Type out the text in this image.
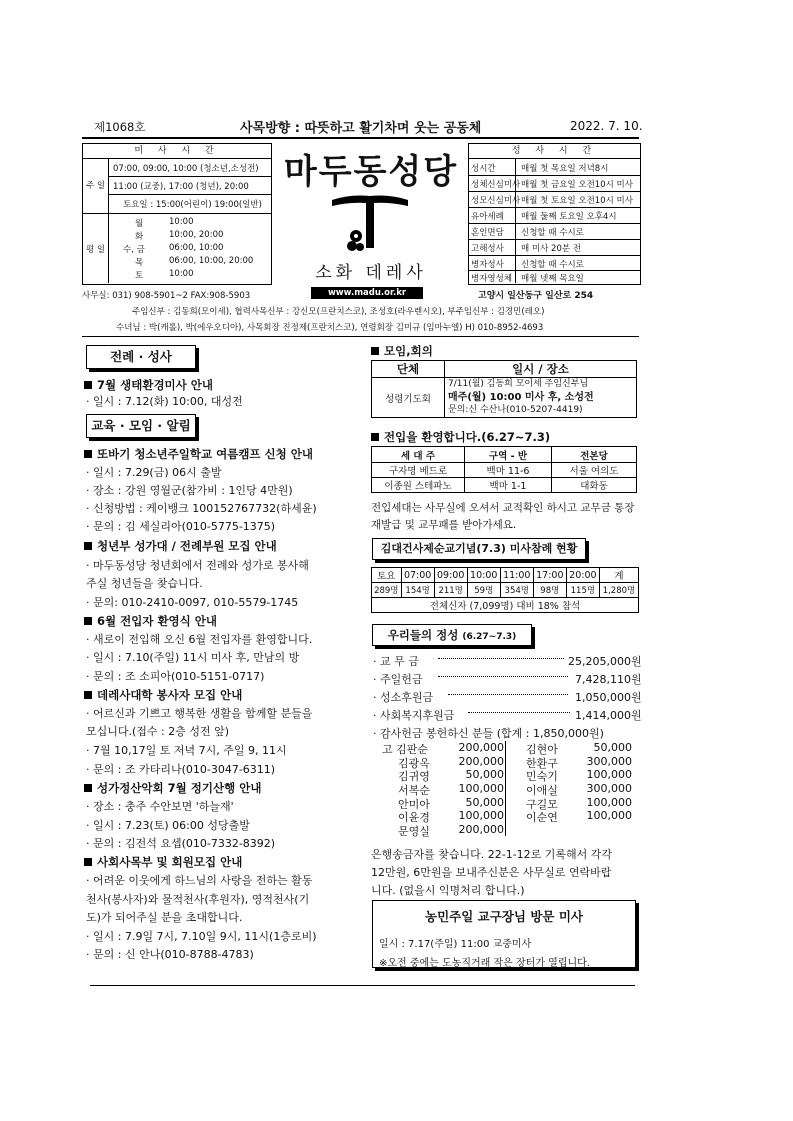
제1068호	사목방향 : 따뜻하고 활기차며 웃는 공동체	2022. 7. 10.
미 사 시 간
주 일
07:00, 09:00, 10:00 (청소년,소성전)
11:00 (교중), 17:00 (청년), 20:00
토요일 : 15:00(어린이) 19:00(일반)
평 일
월	10:00
화	10:00, 20:00
수, 금	06:00, 10:00
목	06:00, 10:00, 20:00
토	10:00
마두동성당
소화 데레사
www.madu.or.kr	고양시 일산동구 일산로 254
사무실: 031) 908-5901~2 FAX:908-5903
성 사 시 간
성시간	매월 첫 목요일 저녁8시
성체신심미사 매월 첫 금요일 오전10시 미사
성모신심미사 매월 첫 토요일 오전10시 미사
유아세례 매월 둘째 토요일 오후4시
혼인면담 신청할 때 수시로
고해성사 매 미사 20분 전
병자성사 신청할 때 수시로
병자영성체 매월 넷째 목요일
주임신부 : 김동희(모이세), 협력사목신부 : 강신모(프란치스코), 조성호(라우렌시오), 부주임신부 : 김경민(레오)
수녀님 : 박(캐롤), 박(에우오디아), 사목회장 진정제(프란치스코), 연령회장 김미규 (임마누엘) H) 010-8952-4693
전례 · 성사
7월 생태환경미사 안내
· 일시 : 7.12(화) 10:00, 대성전
교육 · 모임 · 알림
또바기 청소년주일학교 여름캠프 신청 안내
· 일시 : 7.29(금) 06시 출발
· 장소 : 강원 영월군(참가비 : 1인당 4만원)
· 신청방법 : 케이뱅크 100152767732(하세윤)
· 문의 : 김 세실리아(010-5775-1375)
청년부 성가대 / 전례부원 모집 안내
· 마두동성당 청년회에서 전례와 성가로 봉사해
주실 청년들을 찾습니다.
· 문의: 010-2410-0097, 010-5579-1745
6월 전입자 환영식 안내
· 새로이 전입해 오신 6월 전입자를 환영합니다.
· 일시 : 7.10(주일) 11시 미사 후, 만남의 방
· 문의 : 조 소피아(010-5151-0717)
데레사대학 봉사자 모집 안내
· 어르신과 기쁘고 행복한 생활을 함께할 분들을
모십니다.(접수 : 2층 성전 앞)
· 7월 10,17일 토 저녁 7시, 주일 9, 11시
· 문의 : 조 카타리나(010-3047-6311)
성가정산악회 7월 정기산행 안내
· 장소 : 충주 수안보면 '하늘재'
· 일시 : 7.23(토) 06:00 성당출발
· 문의 : 김전석 요셉(010-7332-8392)
사회사목부 및 회원모집 안내
· 어려운 이웃에게 하느님의 사랑을 전하는 활동
천사(봉사자)와 물적천사(후원자), 영적천사(기
도)가 되어주실 분을 초대합니다.
· 일시 : 7.9일 7시, 7.10일 9시, 11시(1층로비)
· 문의 : 신 안나(010-8788-4783)
모임,회의
단체	일시 / 장소
성령기도회	7/11(월) 김동희 모이세 주임신부님
매주(월) 10:00 미사 후, 소성전
문의:신 수산나(010-5207-4419)
전입을 환영합니다.(6.27~7.3)
세 대 주	구역 - 반	전본당
구자명 베드로	백마 11-6	서울 여의도
이종원 스테파노	백마 1-1	대화동
전입세대는 사무실에 오셔서 교적확인 하시고 교무금 통장
재발급 및 교무패를 받아가세요.
김대건사제순교기념(7.3) 미사참례 현황
토요	07:00	09:00	10:00	11:00	17:00	20:00	계
289명	154명	211명	59명	354명	98명	115명	1,280명
전체신자 (7,099명) 대비 18% 참석							
우리들의 정성 (6.27~7.3)
· 교 무 금	25,205,000원
· 주일헌금	7,428,110원
· 성소후원금	1,050,000원
· 사회복지후원금	1,414,000원
· 감사헌금 봉헌하신 분들 (합계 : 1,850,000원)
고 김판순	200,000
김광옥	200,000
김귀영	50,000
서복순	100,000
안미아	50,000
이윤경	100,000
문영실	200,000
김현아	50,000
한환구	300,000
민숙기	100,000
이애실	300,000
구길모	100,000
이순연	100,000
은행송금자를 찾습니다. 22-1-12로 기록해서 각각
12만원, 6만원을 보내주신분은 사무실로 연락바랍
니다. (없을시 익명처리 합니다.)
농민주일 교구장님 방문 미사
일시 : 7.17(주일) 11:00 교중미사
※오전 중에는 도농직거래 작은 장터가 열립니다.
